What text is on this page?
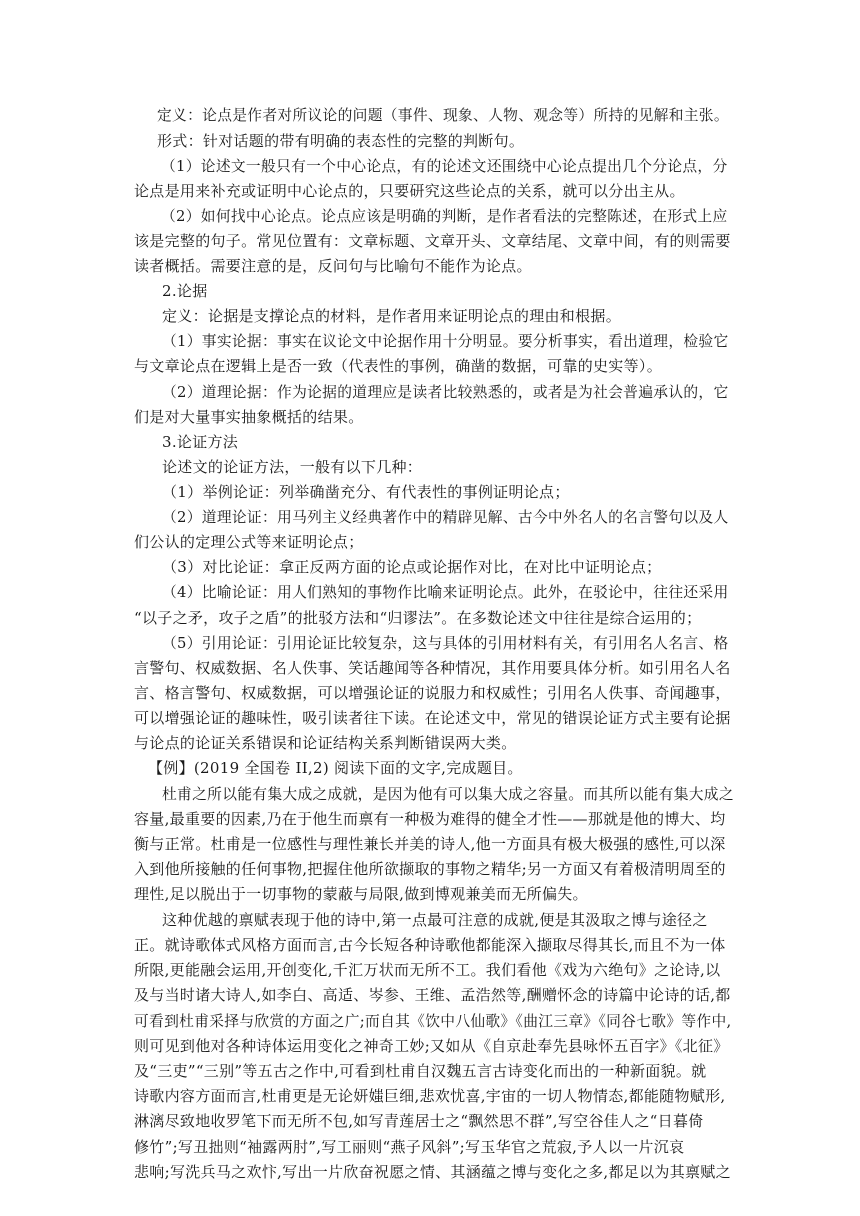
定义：论点是作者对所议论的问题（事件、现象、人物、观念等）所持的见解和主张。
形式：针对话题的带有明确的表态性的完整的判断句。
（1）论述文一般只有一个中心论点，有的论述文还围绕中心论点提出几个分论点，分
论点是用来补充或证明中心论点的，只要研究这些论点的关系，就可以分出主从。
（2）如何找中心论点。论点应该是明确的判断，是作者看法的完整陈述，在形式上应
该是完整的句子。常见位置有：文章标题、文章开头、文章结尾、文章中间，有的则需要
读者概括。需要注意的是，反问句与比喻句不能作为论点。
2.论据
定义：论据是支撑论点的材料，是作者用来证明论点的理由和根据。
（1）事实论据：事实在议论文中论据作用十分明显。要分析事实，看出道理，检验它
与文章论点在逻辑上是否一致（代表性的事例，确凿的数据，可靠的史实等）。
（2）道理论据：作为论据的道理应是读者比较熟悉的，或者是为社会普遍承认的，它
们是对大量事实抽象概括的结果。
3.论证方法
论述文的论证方法，一般有以下几种：
（1）举例论证：列举确凿充分、有代表性的事例证明论点；
（2）道理论证：用马列主义经典著作中的精辟见解、古今中外名人的名言警句以及人
们公认的定理公式等来证明论点；
（3）对比论证：拿正反两方面的论点或论据作对比，在对比中证明论点；
（4）比喻论证：用人们熟知的事物作比喻来证明论点。此外，在驳论中，往往还采用
“以子之矛，攻子之盾”的批驳方法和“归谬法”。在多数论述文中往往是综合运用的；
（5）引用论证：引用论证比较复杂，这与具体的引用材料有关，有引用名人名言、格
言警句、权威数据、名人佚事、笑话趣闻等各种情况，其作用要具体分析。如引用名人名
言、格言警句、权威数据，可以增强论证的说服力和权威性；引用名人佚事、奇闻趣事，
可以增强论证的趣味性，吸引读者往下读。在论述文中，常见的错误论证方式主要有论据
与论点的论证关系错误和论证结构关系判断错误两大类。
【例】(2019 全国卷 II,2) 阅读下面的文字,完成题目。
杜甫之所以能有集大成之成就，是因为他有可以集大成之容量。而其所以能有集大成之
容量,最重要的因素,乃在于他生而禀有一种极为难得的健全才性——那就是他的博大、均
衡与正常。杜甫是一位感性与理性兼长并美的诗人,他一方面具有极大极强的感性,可以深
入到他所接触的任何事物,把握住他所欲撷取的事物之精华;另一方面又有着极清明周至的
理性,足以脱出于一切事物的蒙蔽与局限,做到博观兼美而无所偏失。
这种优越的禀赋表现于他的诗中,第一点最可注意的成就,便是其汲取之博与途径之
正。就诗歌体式风格方面而言,古今长短各种诗歌他都能深入撷取尽得其长,而且不为一体
所限,更能融会运用,开创变化,千汇万状而无所不工。我们看他《戏为六绝句》之论诗,以
及与当时诸大诗人,如李白、高适、岑参、王维、孟浩然等,酬赠怀念的诗篇中论诗的话,都
可看到杜甫采择与欣赏的方面之广;而自其《饮中八仙歌》《曲江三章》《同谷七歌》等作中,
则可见到他对各种诗体运用变化之神奇工妙;又如从《自京赴奉先县咏怀五百字》《北征》
及“三吏”“三别”等五古之作中,可看到杜甫自汉魏五言古诗变化而出的一种新面貌。就
诗歌内容方面而言,杜甫更是无论妍媸巨细,悲欢忧喜,宇宙的一切人物情态,都能随物赋形,
淋漓尽致地收罗笔下而无所不包,如写青莲居士之“飘然思不群”,写空谷佳人之“日暮倚
修竹”;写丑拙则“袖露两肘”,写工丽则“燕子风斜”;写玉华官之荒寂,予人以一片沉哀
悲响;写洗兵马之欢忭,写出一片欣奋祝愿之情、其涵蕴之博与变化之多,都足以为其禀赋之
